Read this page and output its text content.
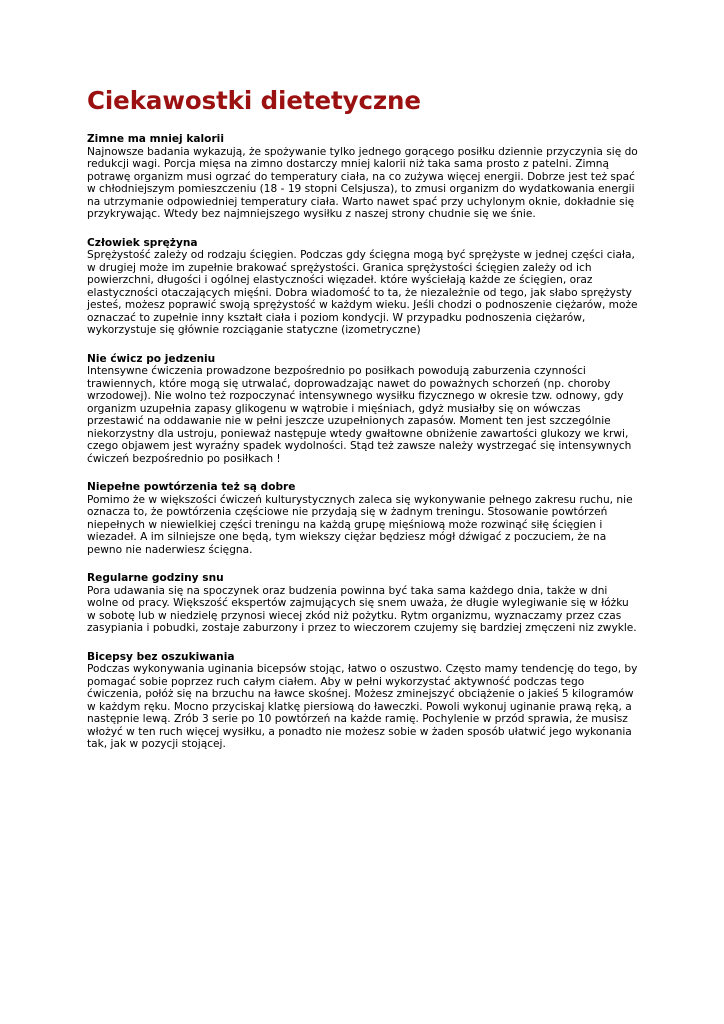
Ciekawostki dietetyczne

Zimne ma mniej kalorii

Najnowsze badania wykazują, że spożywanie tylko jednego gorącego posiłku dziennie przyczynia się do redukcji wagi. Porcja mięsa na zimno dostarczy mniej kalorii niż taka sama prosto z patelni. Zimną potrawę organizm musi ogrzać do temperatury ciała, na co zużywa więcej energii. Dobrze jest też spać w chłodniejszym pomieszczeniu (18 - 19 stopni Celsjusza), to zmusi organizm do wydatkowania energii na utrzymanie odpowiedniej temperatury ciała. Warto nawet spać przy uchylonym oknie, dokładnie się przykrywając. Wtedy bez najmniejszego wysiłku z naszej strony chudnie się we śnie.

Człowiek sprężyna

Sprężystość zależy od rodzaju ścięgien. Podczas gdy ścięgna mogą być sprężyste w jednej części ciała, w drugiej może im zupełnie brakować sprężystości. Granica sprężystości ścięgien zależy od ich powierzchni, długości i ogólnej elastyczności więzadeł. które wyściełają każde ze ścięgien, oraz elastyczności otaczających mięśni. Dobra wiadomość to ta, że niezależnie od tego, jak słabo sprężysty jesteś, możesz poprawić swoją sprężystość w każdym wieku. Jeśli chodzi o podnoszenie ciężarów, może oznaczać to zupełnie inny kształt ciała i poziom kondycji. W przypadku podnoszenia ciężarów, wykorzystuje się głównie rozciąganie statyczne (izometryczne)

Nie ćwicz po jedzeniu

Intensywne ćwiczenia prowadzone bezpośrednio po posiłkach powodują zaburzenia czynności trawiennych, które mogą się utrwalać, doprowadzając nawet do poważnych schorzeń (np. choroby wrzodowej). Nie wolno też rozpoczynać intensywnego wysiłku fizycznego w okresie tzw. odnowy, gdy organizm uzupełnia zapasy glikogenu w wątrobie i mięśniach, gdyż musiałby się on wówczas przestawić na oddawanie nie w pełni jeszcze uzupełnionych zapasów. Moment ten jest szczególnie niekorzystny dla ustroju, ponieważ następuje wtedy gwałtowne obniżenie zawartości glukozy we krwi, czego objawem jest wyraźny spadek wydolności. Stąd też zawsze należy wystrzegać się intensywnych ćwiczeń bezpośrednio po posiłkach !

Niepełne powtórzenia też są dobre

Pomimo że w większości ćwiczeń kulturystycznych zaleca się wykonywanie pełnego zakresu ruchu, nie oznacza to, że powtórzenia częściowe nie przydają się w żadnym treningu. Stosowanie powtórzeń niepełnych w niewielkiej części treningu na każdą grupę mięśniową może rozwinąć siłę ścięgien i wiezadeł. A im silniejsze one będą, tym wiekszy ciężar będziesz mógł dźwigać z poczuciem, że na pewno nie naderwiesz ścięgna.

Regularne godziny snu

Pora udawania się na spoczynek oraz budzenia powinna być taka sama każdego dnia, także w dni wolne od pracy. Większość ekspertów zajmujących się snem uważa, że długie wylegiwanie się w łóżku w sobotę lub w niedzielę przynosi wiecej zkód niż pożytku. Rytm organizmu, wyznaczamy przez czas zasypiania i pobudki, zostaje zaburzony i przez to wieczorem czujemy się bardziej zmęczeni niz zwykle.

Bicepsy bez oszukiwania

Podczas wykonywania uginania bicepsów stojąc, łatwo o oszustwo. Często mamy tendencję do tego, by pomagać sobie poprzez ruch całym ciałem. Aby w pełni wykorzystać aktywność podczas tego ćwiczenia, połóż się na brzuchu na ławce skośnej. Możesz zminejszyć obciążenie o jakieś 5 kilogramów w każdym ręku. Mocno przyciskaj klatkę piersiową do ławeczki. Powoli wykonuj uginanie prawą ręką, a następnie lewą. Zrób 3 serie po 10 powtórzeń na każde ramię. Pochylenie w przód sprawia, że musisz włożyć w ten ruch więcej wysiłku, a ponadto nie możesz sobie w żaden sposób ułatwić jego wykonania tak, jak w pozycji stojącej.
